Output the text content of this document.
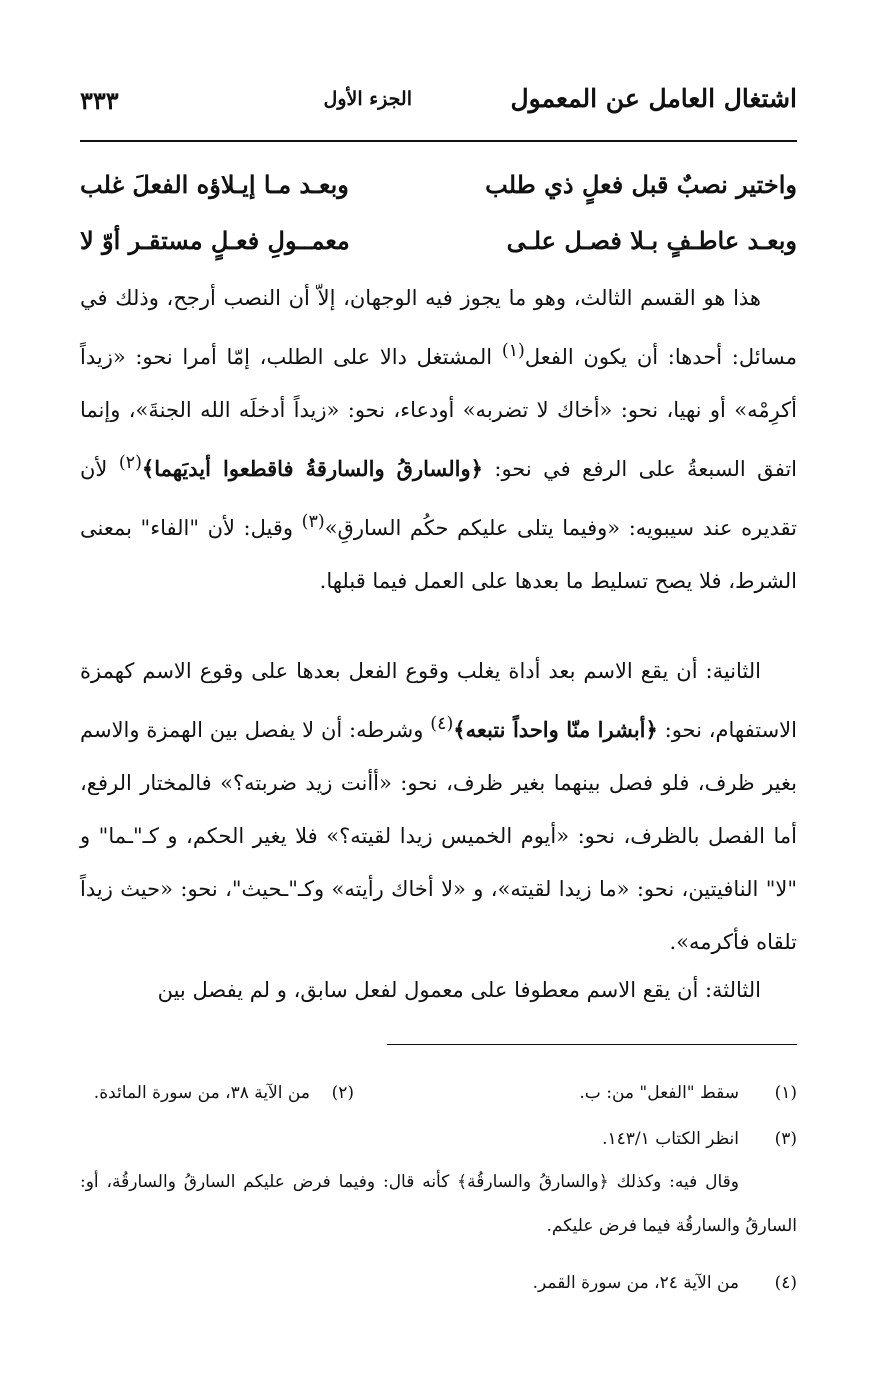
اشتغال العامل عن المعمول
الجزء الأول
٣٣٣
واختير نصبٌ قبل فعلٍ ذي طلب
وبعـد مـا إيـلاؤه الفعلَ غلب
وبعـد عاطـفٍ بـلا فصـل علـى
معمــولِ فعـلٍ مستقـر أوّ لا
هذا هو القسم الثالث، وهو ما يجوز فيه الوجهان، إلاّ أن النصب أرجح، وذلك في مسائل: أحدها: أن يكون الفعل$^{(١)}$ المشتغل دالا على الطلب، إمّا أمرا نحو: «زيداً أكرِمْه» أو نهيا، نحو: «أخاك لا تضربه» أودعاء، نحو: «زيداً أدخلَه الله الجنةَ»، وإنما اتفق السبعةُ على الرفع في نحو: ﴿والسارقُ والسارقةُ فاقطعوا أيديَهما﴾$^{(٢)}$ لأن تقديره عند سيبويه: «وفيما يتلى عليكم حكُم السارقِ»$^{(٣)}$ وقيل: لأن "الفاء" بمعنى الشرط، فلا يصح تسليط ما بعدها على العمل فيما قبلها.
الثانية: أن يقع الاسم بعد أداة يغلب وقوع الفعل بعدها على وقوع الاسم كهمزة الاستفهام، نحو: ﴿أبشرا منّا واحداً نتبعه﴾$^{(٤)}$ وشرطه: أن لا يفصل بين الهمزة والاسم بغير ظرف، فلو فصل بينهما بغير ظرف، نحو: «أأنت زيد ضربته؟» فالمختار الرفع، أما الفصل بالظرف، نحو: «أيوم الخميس زيدا لقيته؟» فلا يغير الحكم، و كـ"ـما" و "لا" النافيتين، نحو: «ما زيدا لقيته»، و «لا أخاك رأيته» وكـ"ـحيث"، نحو: «حيث زيداً تلقاه فأكرمه».
الثالثة: أن يقع الاسم معطوفا على معمول لفعل سابق، و لم يفصل بين
(١)
سقط "الفعل" من: ب.
(٢)    من الآية ٣٨، من سورة المائدة.
(٣)
انظر الكتاب ١٤٣/١.
وقال فيه: وكذلك ﴿والسارقُ والسارقُة﴾ كأنه قال: وفيما فرض عليكم السارقُ والسارقُة، أو: السارقُ والسارقُة فيما فرض عليكم.
(٤)
من الآية ٢٤، من سورة القمر.
